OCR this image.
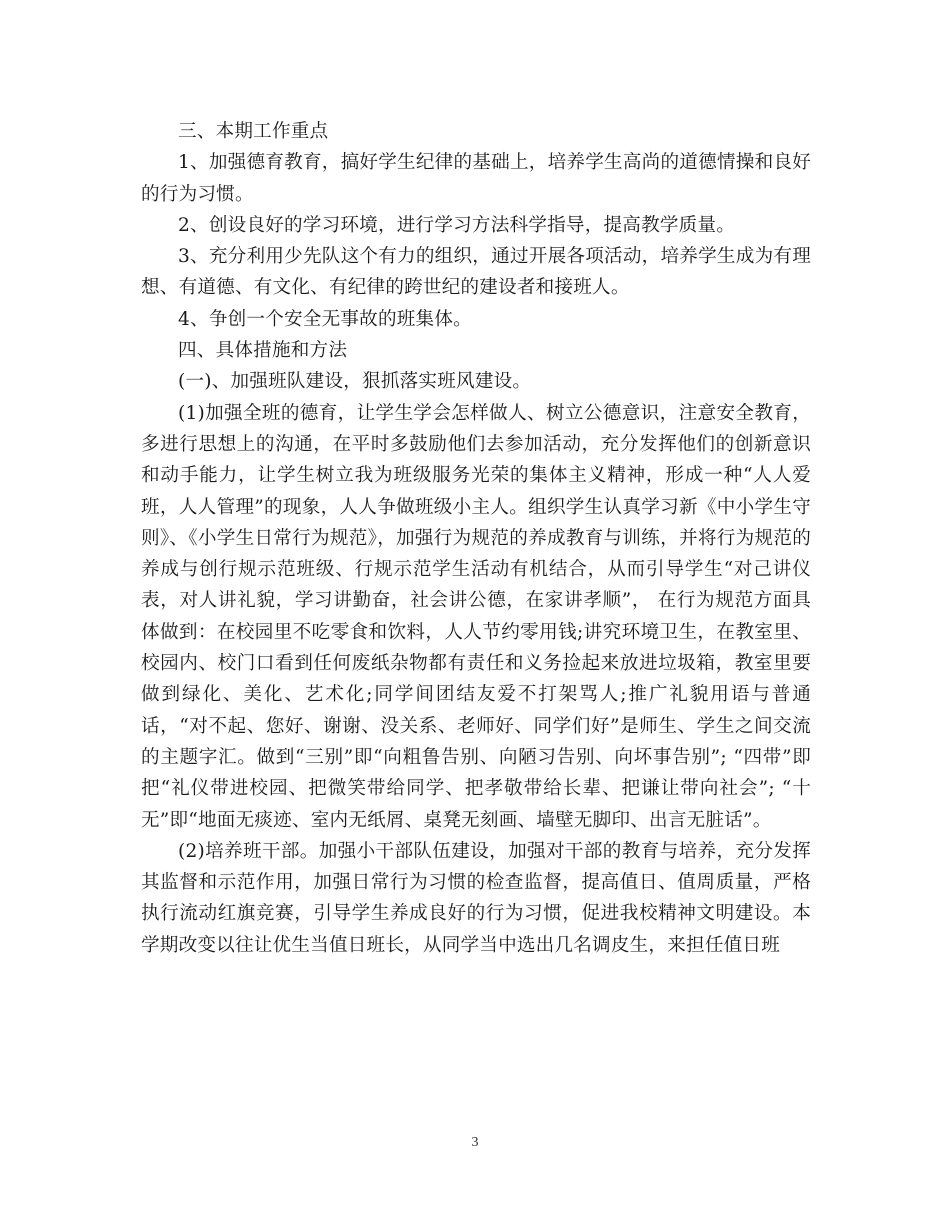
三、本期工作重点

1、加强德育教育，搞好学生纪律的基础上，培养学生高尚的道德情操和良好的行为习惯。

2、创设良好的学习环境，进行学习方法科学指导，提高教学质量。

3、充分利用少先队这个有力的组织，通过开展各项活动，培养学生成为有理想、有道德、有文化、有纪律的跨世纪的建设者和接班人。

4、争创一个安全无事故的班集体。

四、具体措施和方法

(一)、加强班队建设，狠抓落实班风建设。

(1)加强全班的德育，让学生学会怎样做人、树立公德意识，注意安全教育，多进行思想上的沟通，在平时多鼓励他们去参加活动，充分发挥他们的创新意识和动手能力，让学生树立我为班级服务光荣的集体主义精神，形成一种“人人爱班，人人管理”的现象，人人争做班级小主人。组织学生认真学习新《中小学生守则》、《小学生日常行为规范》，加强行为规范的养成教育与训练，并将行为规范的养成与创行规示范班级、行规示范学生活动有机结合，从而引导学生“对己讲仪表，对人讲礼貌，学习讲勤奋，社会讲公德，在家讲孝顺”， 在行为规范方面具体做到：在校园里不吃零食和饮料，人人节约零用钱;讲究环境卫生，在教室里、校园内、校门口看到任何废纸杂物都有责任和义务捡起来放进垃圾箱，教室里要做到绿化、美化、艺术化;同学间团结友爱不打架骂人;推广礼貌用语与普通话，“对不起、您好、谢谢、没关系、老师好、同学们好”是师生、学生之间交流的主题字汇。做到“三别”即“向粗鲁告别、向陋习告别、向坏事告别”; “四带”即把“礼仪带进校园、把微笑带给同学、把孝敬带给长辈、把谦让带向社会”; “十无”即“地面无痰迹、室内无纸屑、桌凳无刻画、墙壁无脚印、出言无脏话”。

(2)培养班干部。加强小干部队伍建设，加强对干部的教育与培养，充分发挥其监督和示范作用，加强日常行为习惯的检查监督，提高值日、值周质量，严格执行流动红旗竞赛，引导学生养成良好的行为习惯，促进我校精神文明建设。本学期改变以往让优生当值日班长，从同学当中选出几名调皮生，来担任值日班

3
